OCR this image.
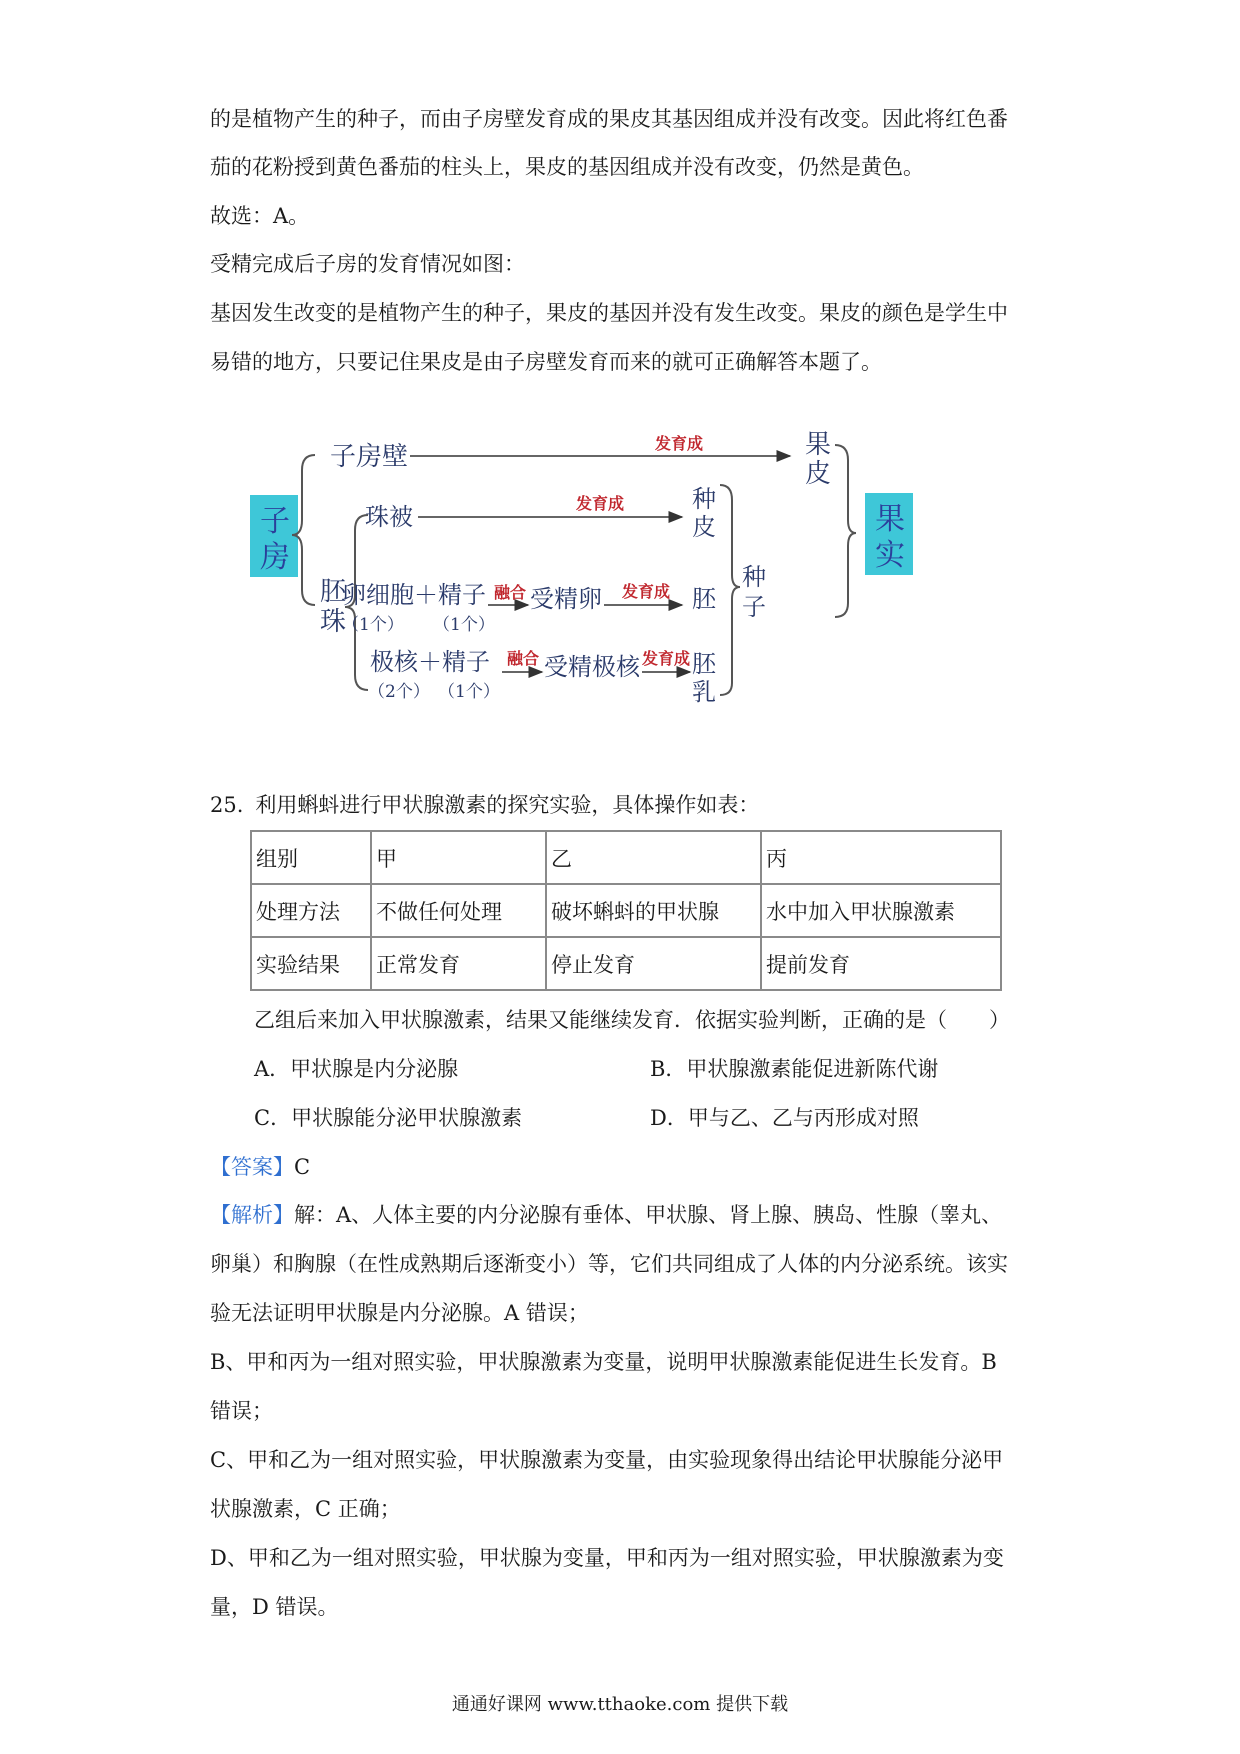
的是植物产生的种子，而由子房壁发育成的果皮其基因组成并没有改变。因此将红色番
茄的花粉授到黄色番茄的柱头上，果皮的基因组成并没有改变，仍然是黄色。
故选：A。
受精完成后子房的发育情况如图：
基因发生改变的是植物产生的种子，果皮的基因并没有发生改变。果皮的颜色是学生中
易错的地方，只要记住果皮是由子房壁发育而来的就可正确解答本题了。
子
房
果
实
子房壁	发育成	果
皮
胚
珠
珠被	发育成	种
皮
卵细胞＋精子
（1个） （1个）
融合 受精卵 发育成 胚
极核＋精子
（2个） （1个）
融合 受精极核 发育成 胚
乳
种
子
25. 利用蝌蚪进行甲状腺激素的探究实验，具体操作如表：
组别	甲	乙	丙
处理方法	不做任何处理	破坏蝌蚪的甲状腺	水中加入甲状腺激素
实验结果	正常发育	停止发育	提前发育
乙组后来加入甲状腺激素，结果又能继续发育．依据实验判断，正确的是（　　）
A．甲状腺是内分泌腺	B．甲状腺激素能促进新陈代谢
C．甲状腺能分泌甲状腺激素	D．甲与乙、乙与丙形成对照
【答案】C
【解析】解：A、人体主要的内分泌腺有垂体、甲状腺、肾上腺、胰岛、性腺（睾丸、
卵巢）和胸腺（在性成熟期后逐渐变小）等，它们共同组成了人体的内分泌系统。该实
验无法证明甲状腺是内分泌腺。A 错误；
B、甲和丙为一组对照实验，甲状腺激素为变量，说明甲状腺激素能促进生长发育。B
错误；
C、甲和乙为一组对照实验，甲状腺激素为变量，由实验现象得出结论甲状腺能分泌甲
状腺激素，C 正确；
D、甲和乙为一组对照实验，甲状腺为变量，甲和丙为一组对照实验，甲状腺激素为变
量，D 错误。
通通好课网 www.tthaoke.com 提供下载
